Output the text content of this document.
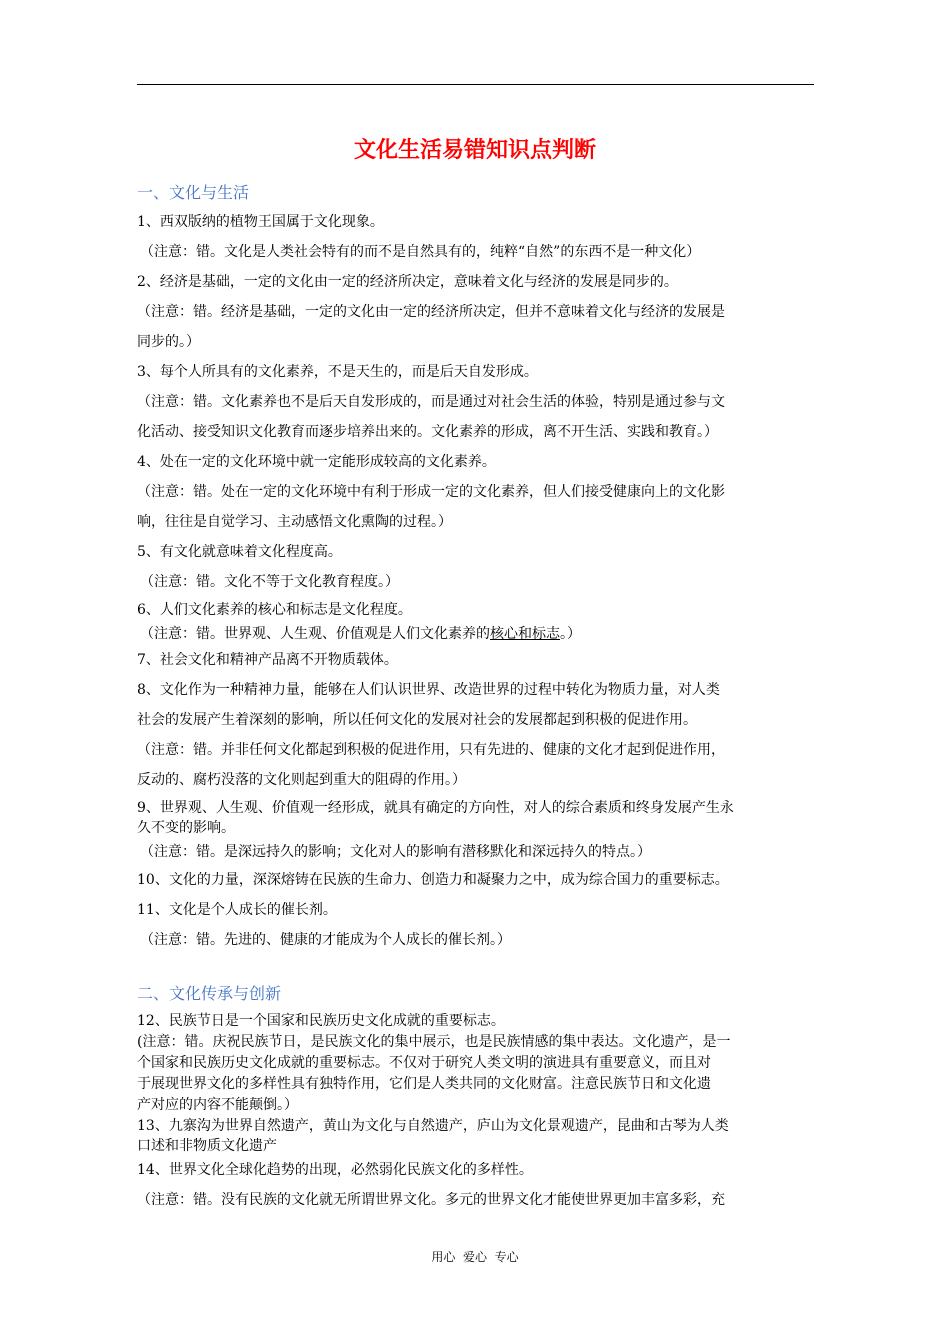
文化生活易错知识点判断
一、文化与生活
1、西双版纳的植物王国属于文化现象。
（注意：错。文化是人类社会特有的而不是自然具有的，纯粹“自然”的东西不是一种文化）
2、经济是基础，一定的文化由一定的经济所决定，意味着文化与经济的发展是同步的。
（注意：错。经济是基础，一定的文化由一定的经济所决定，但并不意味着文化与经济的发展是
同步的。）
3、每个人所具有的文化素养，不是天生的，而是后天自发形成。
（注意：错。文化素养也不是后天自发形成的，而是通过对社会生活的体验，特别是通过参与文
化活动、接受知识文化教育而逐步培养出来的。文化素养的形成，离不开生活、实践和教育。）
4、处在一定的文化环境中就一定能形成较高的文化素养。
（注意：错。处在一定的文化环境中有利于形成一定的文化素养，但人们接受健康向上的文化影
响，往往是自觉学习、主动感悟文化熏陶的过程。）
5、有文化就意味着文化程度高。
（注意：错。文化不等于文化教育程度。）
6、人们文化素养的核心和标志是文化程度。
（注意：错。世界观、人生观、价值观是人们文化素养的核心和标志。）
7、社会文化和精神产品离不开物质载体。
8、文化作为一种精神力量，能够在人们认识世界、改造世界的过程中转化为物质力量，对人类
社会的发展产生着深刻的影响，所以任何文化的发展对社会的发展都起到积极的促进作用。
（注意：错。并非任何文化都起到积极的促进作用，只有先进的、健康的文化才起到促进作用，
反动的、腐朽没落的文化则起到重大的阻碍的作用。）
9、世界观、人生观、价值观一经形成，就具有确定的方向性，对人的综合素质和终身发展产生永
久不变的影响。
（注意：错。是深远持久的影响；文化对人的影响有潜移默化和深远持久的特点。）
10、文化的力量，深深熔铸在民族的生命力、创造力和凝聚力之中，成为综合国力的重要标志。
11、文化是个人成长的催长剂。
（注意：错。先进的、健康的才能成为个人成长的催长剂。）
二、文化传承与创新
12、民族节日是一个国家和民族历史文化成就的重要标志。
(注意：错。庆祝民族节日，是民族文化的集中展示，也是民族情感的集中表达。文化遗产，是一
个国家和民族历史文化成就的重要标志。不仅对于研究人类文明的演进具有重要意义，而且对
于展现世界文化的多样性具有独特作用，它们是人类共同的文化财富。注意民族节日和文化遗
产对应的内容不能颠倒。）
13、九寨沟为世界自然遗产，黄山为文化与自然遗产，庐山为文化景观遗产，昆曲和古琴为人类
口述和非物质文化遗产
14、世界文化全球化趋势的出现，必然弱化民族文化的多样性。
（注意：错。没有民族的文化就无所谓世界文化。多元的世界文化才能使世界更加丰富多彩，充
用心  爱心  专心
